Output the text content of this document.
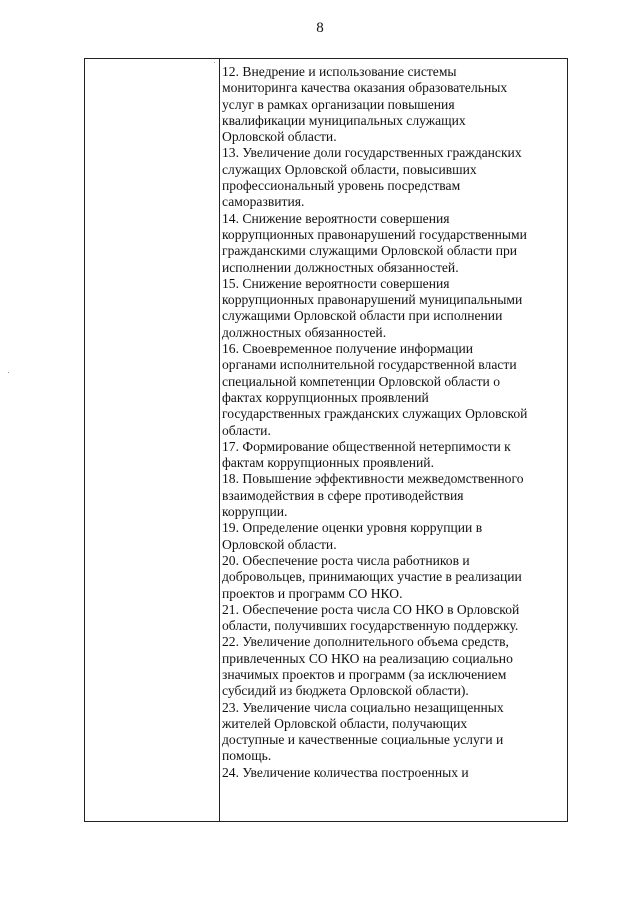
8
12. Внедрение и использование системы
мониторинга качества оказания образовательных
услуг в рамках организации повышения
квалификации муниципальных служащих
Орловской области.
13. Увеличение доли государственных гражданских
служащих Орловской области, повысивших
профессиональный уровень посредствам
саморазвития.
14. Снижение вероятности совершения
коррупционных правонарушений государственными
гражданскими служащими Орловской области при
исполнении должностных обязанностей.
15. Снижение вероятности совершения
коррупционных правонарушений муниципальными
служащими Орловской области при исполнении
должностных обязанностей.
16. Своевременное получение информации
органами исполнительной государственной власти
специальной компетенции Орловской области о
фактах коррупционных проявлений
государственных гражданских служащих Орловской
области.
17. Формирование общественной нетерпимости к
фактам коррупционных проявлений.
18. Повышение эффективности межведомственного
взаимодействия в сфере противодействия
коррупции.
19. Определение оценки уровня коррупции в
Орловской области.
20. Обеспечение роста числа работников и
добровольцев, принимающих участие в реализации
проектов и программ СО НКО.
21. Обеспечение роста числа СО НКО в Орловской
области, получивших государственную поддержку.
22. Увеличение дополнительного объема средств,
привлеченных СО НКО на реализацию социально
значимых проектов и программ (за исключением
субсидий из бюджета Орловской области).
23. Увеличение числа социально незащищенных
жителей Орловской области, получающих
доступные и качественные социальные услуги и
помощь.
24. Увеличение количества построенных и
